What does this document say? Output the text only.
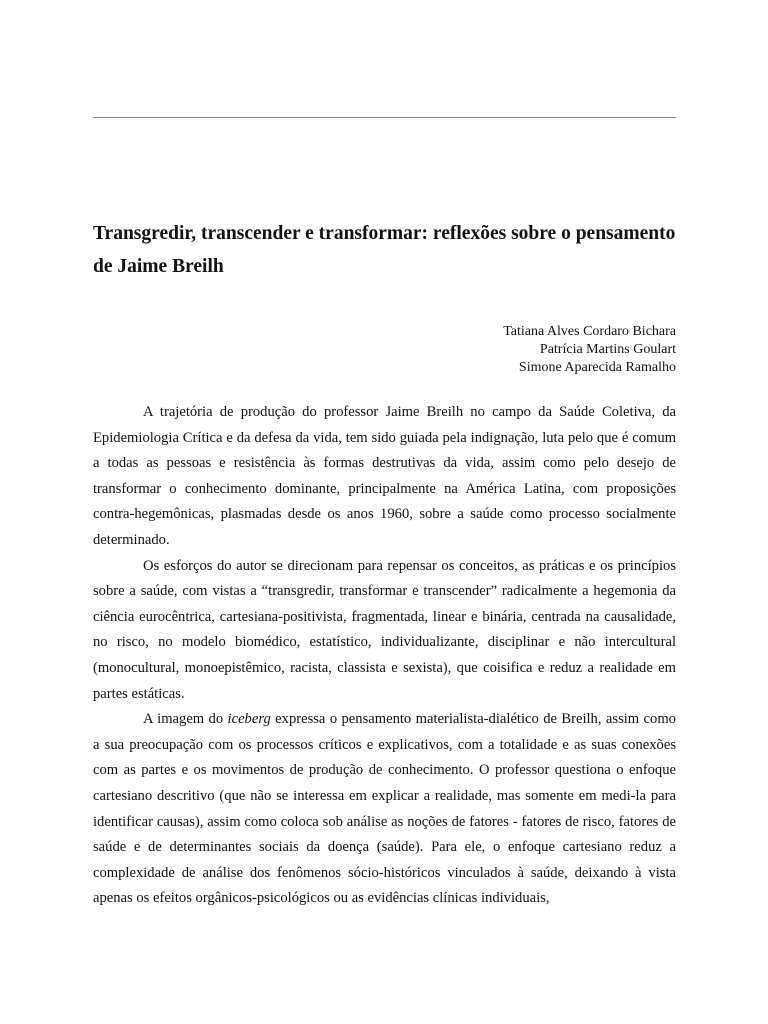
Transgredir, transcender e transformar: reflexões sobre o pensamento de Jaime Breilh
Tatiana Alves Cordaro Bichara
Patrícia Martins Goulart
Simone Aparecida Ramalho

A trajetória de produção do professor Jaime Breilh no campo da Saúde Coletiva, da Epidemiologia Crítica e da defesa da vida, tem sido guiada pela indignação, luta pelo que é comum a todas as pessoas e resistência às formas destrutivas da vida, assim como pelo desejo de transformar o conhecimento dominante, principalmente na América Latina, com proposições contra-hegemônicas, plasmadas desde os anos 1960, sobre a saúde como processo socialmente determinado.

Os esforços do autor se direcionam para repensar os conceitos, as práticas e os princípios sobre a saúde, com vistas a “transgredir, transformar e transcender” radicalmente a hegemonia da ciência eurocêntrica, cartesiana-positivista, fragmentada, linear e binária, centrada na causalidade, no risco, no modelo biomédico, estatístico, individualizante, disciplinar e não intercultural (monocultural, monoepistêmico, racista, classista e sexista), que coisifica e reduz a realidade em partes estáticas.

A imagem do iceberg expressa o pensamento materialista-dialético de Breilh, assim como a sua preocupação com os processos críticos e explicativos, com a totalidade e as suas conexões com as partes e os movimentos de produção de conhecimento. O professor questiona o enfoque cartesiano descritivo (que não se interessa em explicar a realidade, mas somente em medi-la para identificar causas), assim como coloca sob análise as noções de fatores - fatores de risco, fatores de saúde e de determinantes sociais da doença (saúde). Para ele, o enfoque cartesiano reduz a complexidade de análise dos fenômenos sócio-históricos vinculados à saúde, deixando à vista apenas os efeitos orgânicos-psicológicos ou as evidências clínicas individuais,
